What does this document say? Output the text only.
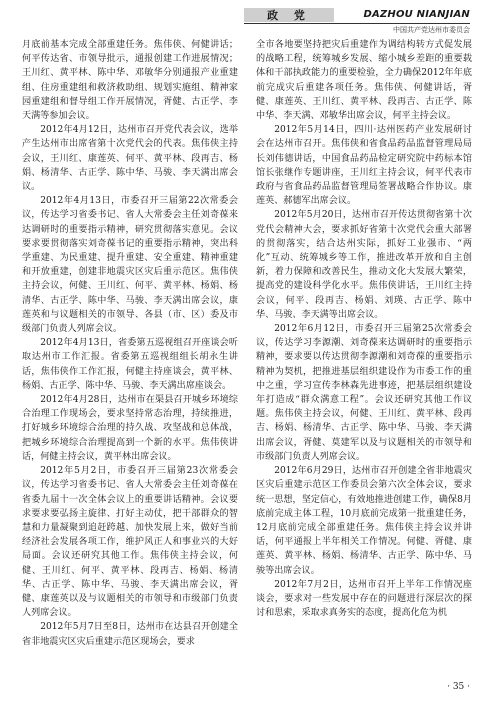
政 党	DAZHOU NIANJIAN
中国共产党达州市委员会

月底前基本完成全部重建任务。焦伟侠、何健讲话；何平传达省、市领导批示，通报创建工作进展情况；王川红、黄平林、陈中华、邓敏华分别通报产业重建组、住房重建组和救济救助组、规划实施组、精神家园重建组和督导组工作开展情况，胥健、古正学、李天满等参加会议。

2012年4月12日，达州市召开党代表会议，选举产生达州市出席省第十次党代会的代表。焦伟侠主持会议，王川红、康莲英、何平、黄平林、段再吉、杨娟、杨清华、古正学、陈中华、马骏、李天满出席会议。

2012年4月13日，市委召开三届第22次常委会议，传达学习省委书记、省人大常委会主任刘奇葆来达调研时的重要指示精神，研究贯彻落实意见。会议要求要贯彻落实刘奇葆书记的重要指示精神，突出科学重建、为民重建、提升重建、安全重建、精神重建和开放重建，创建非地震灾区灾后重示范区。焦伟侠主持会议，何健、王川红、何平、黄平林、杨娟、杨清华、古正学、陈中华、马骏、李天满出席会议，康莲英和与议题相关的市领导、各县（市、区）委及市级部门负责人列席会议。

2012年4月13日，省委第五巡视组召开座谈会听取达州市工作汇报。省委第五巡视组组长胡永生讲话，焦伟侠作工作汇报，何健主持座谈会，黄平林、杨娟、古正学、陈中华、马骏、李天满出席座谈会。

2012年4月28日，达州市在渠县召开城乡环境综合治理工作现场会，要求坚持常态治理，持续推进，打好城乡环境综合治理的持久战、攻坚战和总体战，把城乡环境综合治理提高到一个新的水平。焦伟侠讲话，何健主持会议，黄平林出席会议。

2012年5月2日，市委召开三届第23次常委会议，传达学习省委书记、省人大常委会主任刘奇葆在省委九届十一次全体会议上的重要讲话精神。会议要求要求要弘扬主旋律、打好主动仗，把干部群众的智慧和力量凝聚到追赶跨越、加快发展上来，做好当前经济社会发展各项工作，维护风正人和事业兴的大好局面。会议还研究其他工作。焦伟侠主持会议，何健、王川红、何平、黄平林、段再吉、杨娟、杨清华、古正学、陈中华、马骏、李天满出席会议，胥健、康莲英以及与议题相关的市领导和市级部门负责人列席会议。

2012年5月7日至8日，达州市在达县召开创建全省非地震灾区灾后重建示范区现场会，要求

全市各地要坚持把灾后重建作为调结构转方式促发展的战略工程，统筹城乡发展、缩小城乡差距的重要载体和干部执政能力的重要检验，全力确保2012年年底前完成灾后重建各项任务。焦伟侠、何健讲话，胥健、康莲英、王川红、黄平林、段再吉、古正学、陈中华、李天满、邓敏华出席会议，何平主持会议。

2012年5月14日，四川·达州医药产业发展研讨会在达州市召开。焦伟侠和省食品药品监督管理局局长刘伟德讲话，中国食品药品检定研究院中药标本馆馆长张继作专题讲座，王川红主持会议，何平代表市政府与省食品药品监督管理局签署战略合作协议。康莲英、郝德军出席会议。

2012年5月20日，达州市召开传达贯彻省第十次党代会精神大会，要求抓好省第十次党代会重大部署的贯彻落实，结合达州实际，抓好工业强市、“两化”互动、统筹城乡等工作，推进改革开放和自主创新，着力保障和改善民生，推动文化大发展大繁荣，提高党的建设科学化水平。焦伟侠讲话，王川红主持会议，何平、段再吉、杨娟、刘瑛、古正学、陈中华、马骏、李天满等出席会议。

2012年6月12日，市委召开三届第25次常委会议，传达学习李源潮、刘奇葆来达调研时的重要指示精神，要求要以传达贯彻李源潮和刘奇葆的重要指示精神为契机，把推进基层组织建设作为市委工作的重中之重，学习宣传李林森先进事迹，把基层组织建设年打造成“群众满意工程”。会议还研究其他工作议题。焦伟侠主持会议，何健、王川红、黄平林、段再吉、杨娟、杨清华、古正学、陈中华、马骏、李天满出席会议，胥健、莫建军以及与议题相关的市领导和市级部门负责人列席会议。

2012年6月29日，达州市召开创建全省非地震灾区灾后重建示范区工作委员会第六次全体会议，要求统一思想，坚定信心，有效地推进创建工作，确保8月底前完成主体工程，10月底前完成第一批重建任务，12月底前完成全部重建任务。焦伟侠主持会议并讲话，何平通报上半年相关工作情况。何健、胥健、康莲英、黄平林、杨娟、杨清华、古正学、陈中华、马骏等出席会议。

2012年7月2日，达州市召开上半年工作情况座谈会，要求对一些发展中存在的问题进行深层次的探讨和思索，采取求真务实的态度，提高化危为机

· 35 ·
